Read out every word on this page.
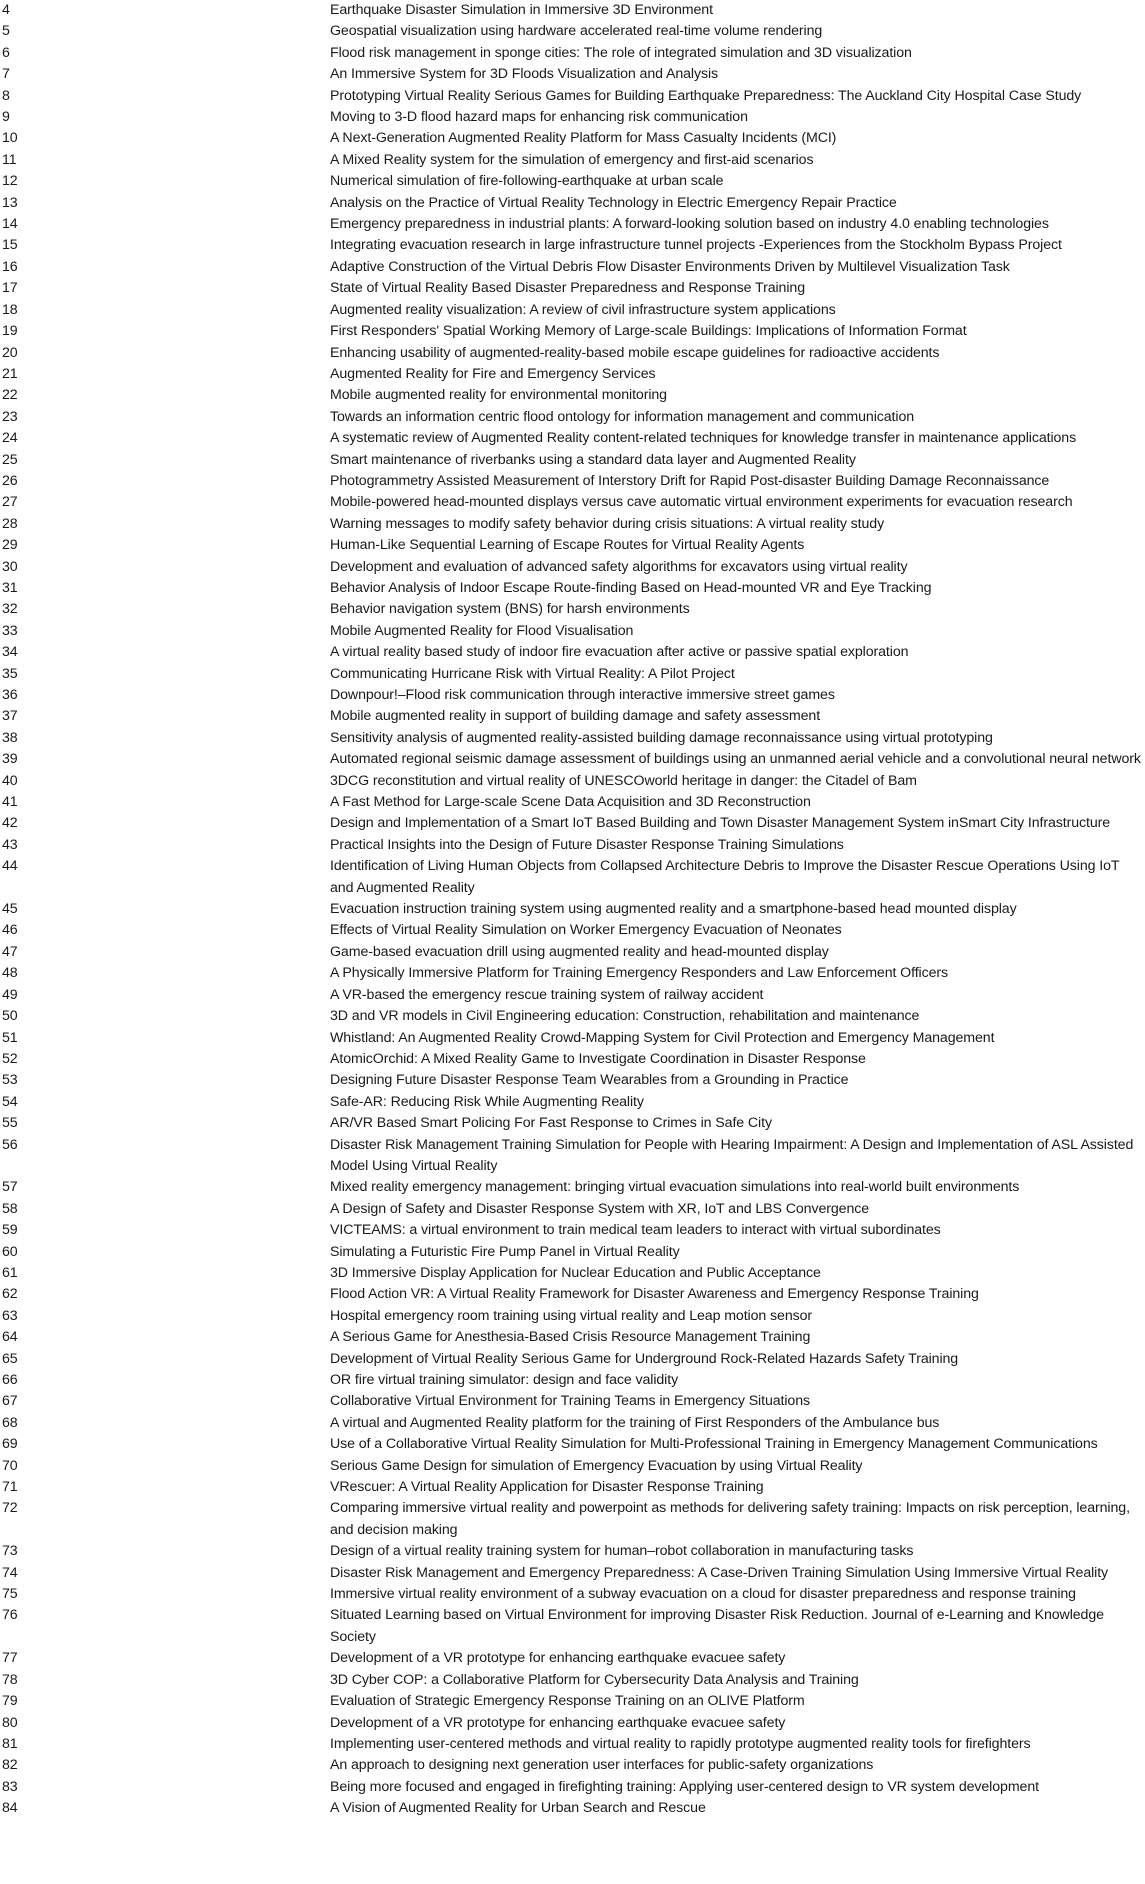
4	Earthquake Disaster Simulation in Immersive 3D Environment
5	Geospatial visualization using hardware accelerated real-time volume rendering
6	Flood risk management in sponge cities: The role of integrated simulation and 3D visualization
7	An Immersive System for 3D Floods Visualization and Analysis
8	Prototyping Virtual Reality Serious Games for Building Earthquake Preparedness: The Auckland City Hospital Case Study
9	Moving to 3-D flood hazard maps for enhancing risk communication
10	A Next-Generation Augmented Reality Platform for Mass Casualty Incidents (MCI)
11	A Mixed Reality system for the simulation of emergency and first-aid scenarios
12	Numerical simulation of fire-following-earthquake at urban scale
13	Analysis on the Practice of Virtual Reality Technology in Electric Emergency Repair Practice
14	Emergency preparedness in industrial plants: A forward-looking solution based on industry 4.0 enabling technologies
15	Integrating evacuation research in large infrastructure tunnel projects -Experiences from the Stockholm Bypass Project
16	Adaptive Construction of the Virtual Debris Flow Disaster Environments Driven by Multilevel Visualization Task
17	State of Virtual Reality Based Disaster Preparedness and Response Training
18	Augmented reality visualization: A review of civil infrastructure system applications
19	First Responders' Spatial Working Memory of Large-scale Buildings: Implications of Information Format
20	Enhancing usability of augmented-reality-based mobile escape guidelines for radioactive accidents
21	Augmented Reality for Fire and Emergency Services
22	Mobile augmented reality for environmental monitoring
23	Towards an information centric flood ontology for information management and communication
24	A systematic review of Augmented Reality content-related techniques for knowledge transfer in maintenance applications
25	Smart maintenance of riverbanks using a standard data layer and Augmented Reality
26	Photogrammetry Assisted Measurement of Interstory Drift for Rapid Post-disaster Building Damage Reconnaissance
27	Mobile-powered head-mounted displays versus cave automatic virtual environment experiments for evacuation research
28	Warning messages to modify safety behavior during crisis situations: A virtual reality study
29	Human-Like Sequential Learning of Escape Routes for Virtual Reality Agents
30	Development and evaluation of advanced safety algorithms for excavators using virtual reality
31	Behavior Analysis of Indoor Escape Route-finding Based on Head-mounted VR and Eye Tracking
32	Behavior navigation system (BNS) for harsh environments
33	Mobile Augmented Reality for Flood Visualisation
34	A virtual reality based study of indoor fire evacuation after active or passive spatial exploration
35	Communicating Hurricane Risk with Virtual Reality: A Pilot Project
36	Downpour!–Flood risk communication through interactive immersive street games
37	Mobile augmented reality in support of building damage and safety assessment
38	Sensitivity analysis of augmented reality-assisted building damage reconnaissance using virtual prototyping
39	Automated regional seismic damage assessment of buildings using an unmanned aerial vehicle and a convolutional neural network
40	3DCG reconstitution and virtual reality of UNESCOworld heritage in danger: the Citadel of Bam
41	A Fast Method for Large-scale Scene Data Acquisition and 3D Reconstruction
42	Design and Implementation of a Smart IoT Based Building and Town Disaster Management System inSmart City Infrastructure
43	Practical Insights into the Design of Future Disaster Response Training Simulations
44	Identification of Living Human Objects from Collapsed Architecture Debris to Improve the Disaster Rescue Operations Using IoT and Augmented Reality
45	Evacuation instruction training system using augmented reality and a smartphone-based head mounted display
46	Effects of Virtual Reality Simulation on Worker Emergency Evacuation of Neonates
47	Game-based evacuation drill using augmented reality and head-mounted display
48	A Physically Immersive Platform for Training Emergency Responders and Law Enforcement Officers
49	A VR-based the emergency rescue training system of railway accident
50	3D and VR models in Civil Engineering education: Construction, rehabilitation and maintenance
51	Whistland: An Augmented Reality Crowd-Mapping System for Civil Protection and Emergency Management
52	AtomicOrchid: A Mixed Reality Game to Investigate Coordination in Disaster Response
53	Designing Future Disaster Response Team Wearables from a Grounding in Practice
54	Safe-AR: Reducing Risk While Augmenting Reality
55	AR/VR Based Smart Policing For Fast Response to Crimes in Safe City
56	Disaster Risk Management Training Simulation for People with Hearing Impairment: A Design and Implementation of ASL Assisted Model Using Virtual Reality
57	Mixed reality emergency management: bringing virtual evacuation simulations into real-world built environments
58	A Design of Safety and Disaster Response System with XR, IoT and LBS Convergence
59	VICTEAMS: a virtual environment to train medical team leaders to interact with virtual subordinates
60	Simulating a Futuristic Fire Pump Panel in Virtual Reality
61	3D Immersive Display Application for Nuclear Education and Public Acceptance
62	Flood Action VR: A Virtual Reality Framework for Disaster Awareness and Emergency Response Training
63	Hospital emergency room training using virtual reality and Leap motion sensor
64	A Serious Game for Anesthesia-Based Crisis Resource Management Training
65	Development of Virtual Reality Serious Game for Underground Rock-Related Hazards Safety Training
66	OR fire virtual training simulator: design and face validity
67	Collaborative Virtual Environment for Training Teams in Emergency Situations
68	A virtual and Augmented Reality platform for the training of First Responders of the Ambulance bus
69	Use of a Collaborative Virtual Reality Simulation for Multi-Professional Training in Emergency Management Communications
70	Serious Game Design for simulation of Emergency Evacuation by using Virtual Reality
71	VRescuer: A Virtual Reality Application for Disaster Response Training
72	Comparing immersive virtual reality and powerpoint as methods for delivering safety training: Impacts on risk perception, learning, and decision making
73	Design of a virtual reality training system for human–robot collaboration in manufacturing tasks
74	Disaster Risk Management and Emergency Preparedness: A Case-Driven Training Simulation Using Immersive Virtual Reality
75	Immersive virtual reality environment of a subway evacuation on a cloud for disaster preparedness and response training
76	Situated Learning based on Virtual Environment for improving Disaster Risk Reduction. Journal of e-Learning and Knowledge Society
77	Development of a VR prototype for enhancing earthquake evacuee safety
78	3D Cyber COP: a Collaborative Platform for Cybersecurity Data Analysis and Training
79	Evaluation of Strategic Emergency Response Training on an OLIVE Platform
80	Development of a VR prototype for enhancing earthquake evacuee safety
81	Implementing user-centered methods and virtual reality to rapidly prototype augmented reality tools for firefighters
82	An approach to designing next generation user interfaces for public-safety organizations
83	Being more focused and engaged in firefighting training: Applying user-centered design to VR system development
84	A Vision of Augmented Reality for Urban Search and Rescue
